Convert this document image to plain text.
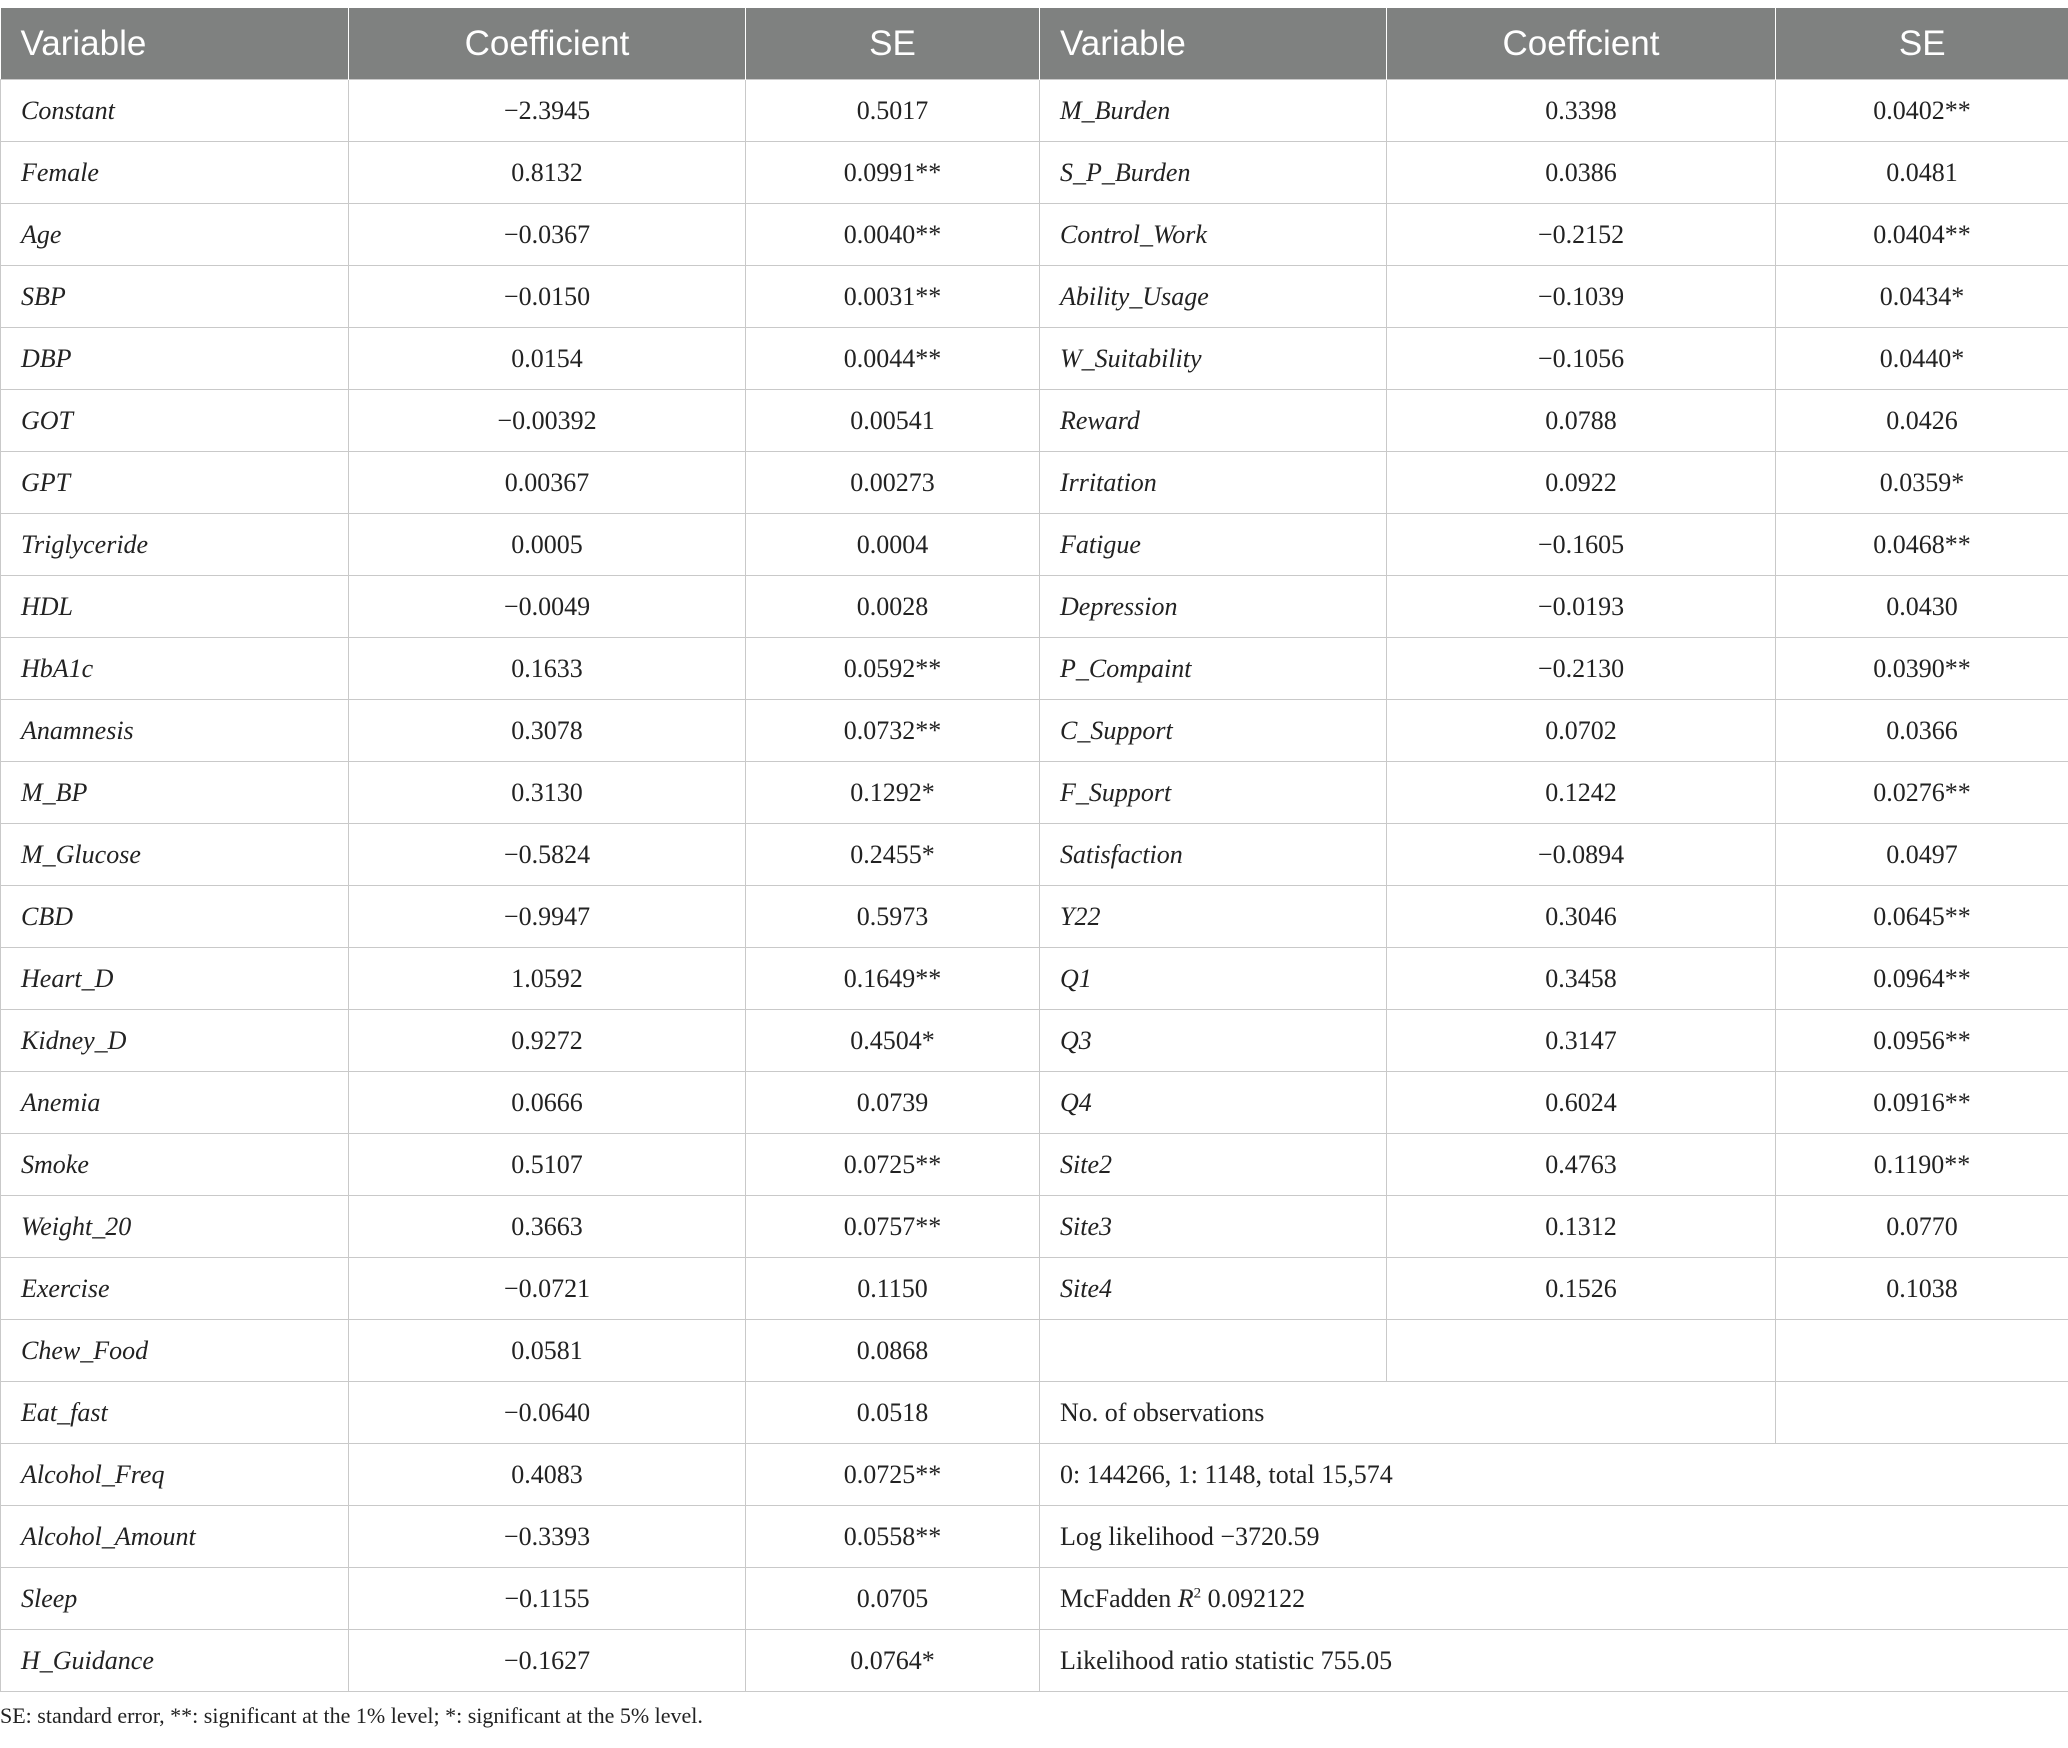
Variable	Coefficient	SE	Variable	Coeffcient	SE
Constant	−2.3945	0.5017	M_Burden	0.3398	0.0402**
Female	0.8132	0.0991**	S_P_Burden	0.0386	0.0481
Age	−0.0367	0.0040**	Control_Work	−0.2152	0.0404**
SBP	−0.0150	0.0031**	Ability_Usage	−0.1039	0.0434*
DBP	0.0154	0.0044**	W_Suitability	−0.1056	0.0440*
GOT	−0.00392	0.00541	Reward	0.0788	0.0426
GPT	0.00367	0.00273	Irritation	0.0922	0.0359*
Triglyceride	0.0005	0.0004	Fatigue	−0.1605	0.0468**
HDL	−0.0049	0.0028	Depression	−0.0193	0.0430
HbA1c	0.1633	0.0592**	P_Compaint	−0.2130	0.0390**
Anamnesis	0.3078	0.0732**	C_Support	0.0702	0.0366
M_BP	0.3130	0.1292*	F_Support	0.1242	0.0276**
M_Glucose	−0.5824	0.2455*	Satisfaction	−0.0894	0.0497
CBD	−0.9947	0.5973	Y22	0.3046	0.0645**
Heart_D	1.0592	0.1649**	Q1	0.3458	0.0964**
Kidney_D	0.9272	0.4504*	Q3	0.3147	0.0956**
Anemia	0.0666	0.0739	Q4	0.6024	0.0916**
Smoke	0.5107	0.0725**	Site2	0.4763	0.1190**
Weight_20	0.3663	0.0757**	Site3	0.1312	0.0770
Exercise	−0.0721	0.1150	Site4	0.1526	0.1038
Chew_Food	0.0581	0.0868			
Eat_fast	−0.0640	0.0518	No. of observations		
Alcohol_Freq	0.4083	0.0725**	0: 144266, 1: 1148, total 15,574		
Alcohol_Amount	−0.3393	0.0558**	Log likelihood −3720.59		
Sleep	−0.1155	0.0705	McFadden $R^2$ 0.092122		
H_Guidance	−0.1627	0.0764*	Likelihood ratio statistic 755.05		
SE: standard error, **: significant at the 1% level; *: significant at the 5% level.
